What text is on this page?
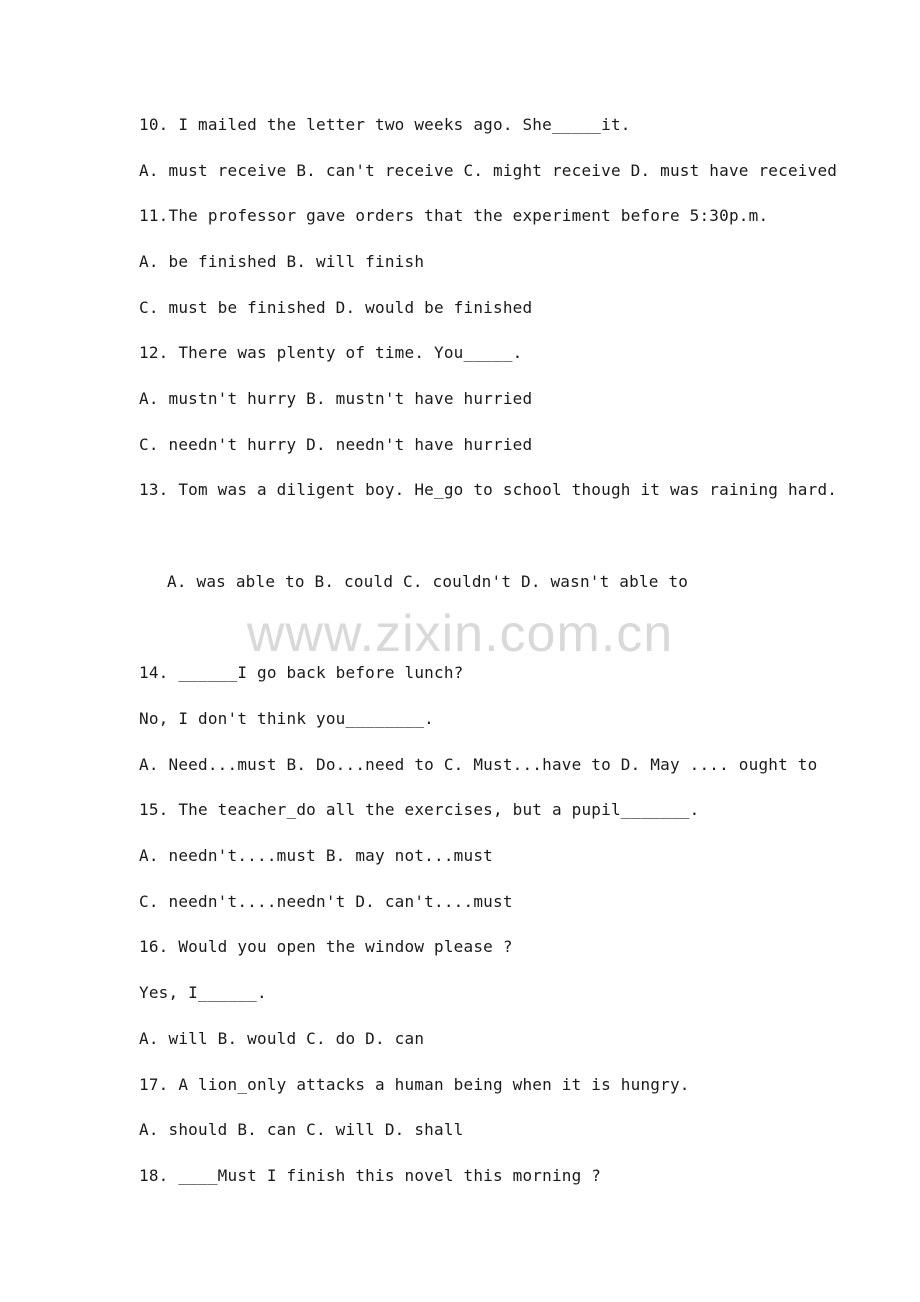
10. I mailed the letter two weeks ago. She_____it.
A. must receive B. can't receive C. might receive D. must have received
11.The professor gave orders that the experiment before 5:30p.m.
A. be finished B. will finish
C. must be finished D. would be finished
12. There was plenty of time. You_____.
A. mustn't hurry B. mustn't have hurried
C. needn't hurry D. needn't have hurried
13. Tom was a diligent boy. He_go to school though it was raining hard.
A. was able to B. could C. couldn't D. wasn't able to
www.zixin.com.cn
14. ______I go back before lunch?
No, I don't think you________.
A. Need...must B. Do...need to C. Must...have to D. May .... ought to
15. The teacher_do all the exercises, but a pupil_______.
A. needn't....must B. may not...must
C. needn't....needn't D. can't....must
16. Would you open the window please ?
Yes, I______.
A. will B. would C. do D. can
17. A lion_only attacks a human being when it is hungry.
A. should B. can C. will D. shall
18. ____Must I finish this novel this morning ?
